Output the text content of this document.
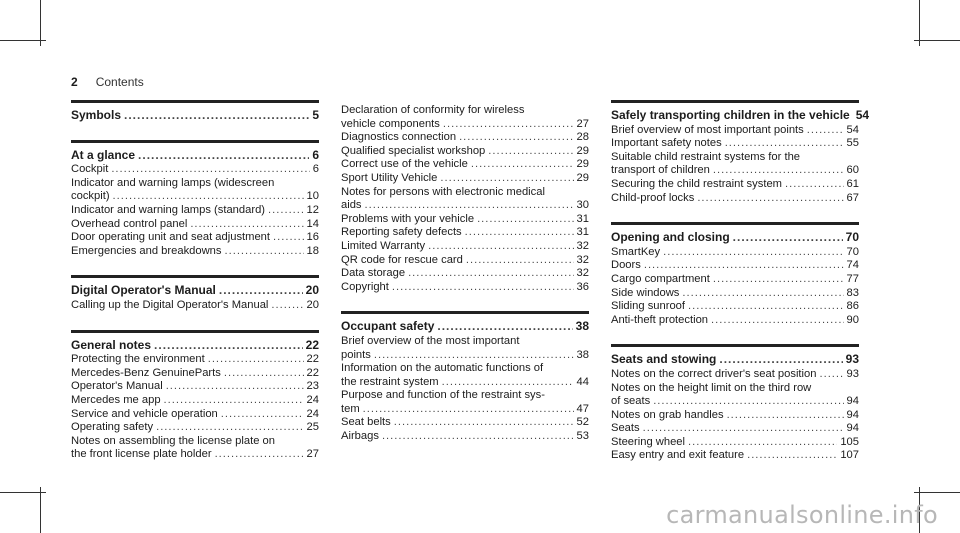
2 Contents
Symbols .....	5
At a glance .....	6
Cockpit .....	6
Indicator and warning lamps (widescreen
cockpit) .....	10
Indicator and warning lamps (standard) .....	12
Overhead control panel .....	14
Door operating unit and seat adjustment .....	16
Emergencies and breakdowns .....	18
Digital Operator's Manual .....	20
Calling up the Digital Operator's Manual .....	20
General notes .....	22
Protecting the environment .....	22
Mercedes-Benz GenuineParts .....	22
Operator's Manual .....	23
Mercedes me app .....	24
Service and vehicle operation .....	24
Operating safety .....	25
Notes on assembling the license plate on
the front license plate holder .....	27
Declaration of conformity for wireless
vehicle components .....	27
Diagnostics connection .....	28
Qualified specialist workshop .....	29
Correct use of the vehicle .....	29
Sport Utility Vehicle .....	29
Notes for persons with electronic medical
aids .....	30
Problems with your vehicle .....	31
Reporting safety defects .....	31
Limited Warranty .....	32
QR code for rescue card .....	32
Data storage .....	32
Copyright .....	36
Occupant safety .....	38
Brief overview of the most important
points .....	38
Information on the automatic functions of
the restraint system .....	44
Purpose and function of the restraint sys-
tem .....	47
Seat belts .....	52
Airbags .....	53
Safely transporting children in the vehicle 54
Brief overview of most important points .....	54
Important safety notes .....	55
Suitable child restraint systems for the
transport of children .....	60
Securing the child restraint system .....	61
Child-proof locks .....	67
Opening and closing .....	70
SmartKey .....	70
Doors .....	74
Cargo compartment .....	77
Side windows .....	83
Sliding sunroof .....	86
Anti-theft protection .....	90
Seats and stowing .....	93
Notes on the correct driver's seat position .....	93
Notes on the height limit on the third row
of seats .....	94
Notes on grab handles .....	94
Seats .....	94
Steering wheel .....	105
Easy entry and exit feature .....	107
carmanualsonline.info
